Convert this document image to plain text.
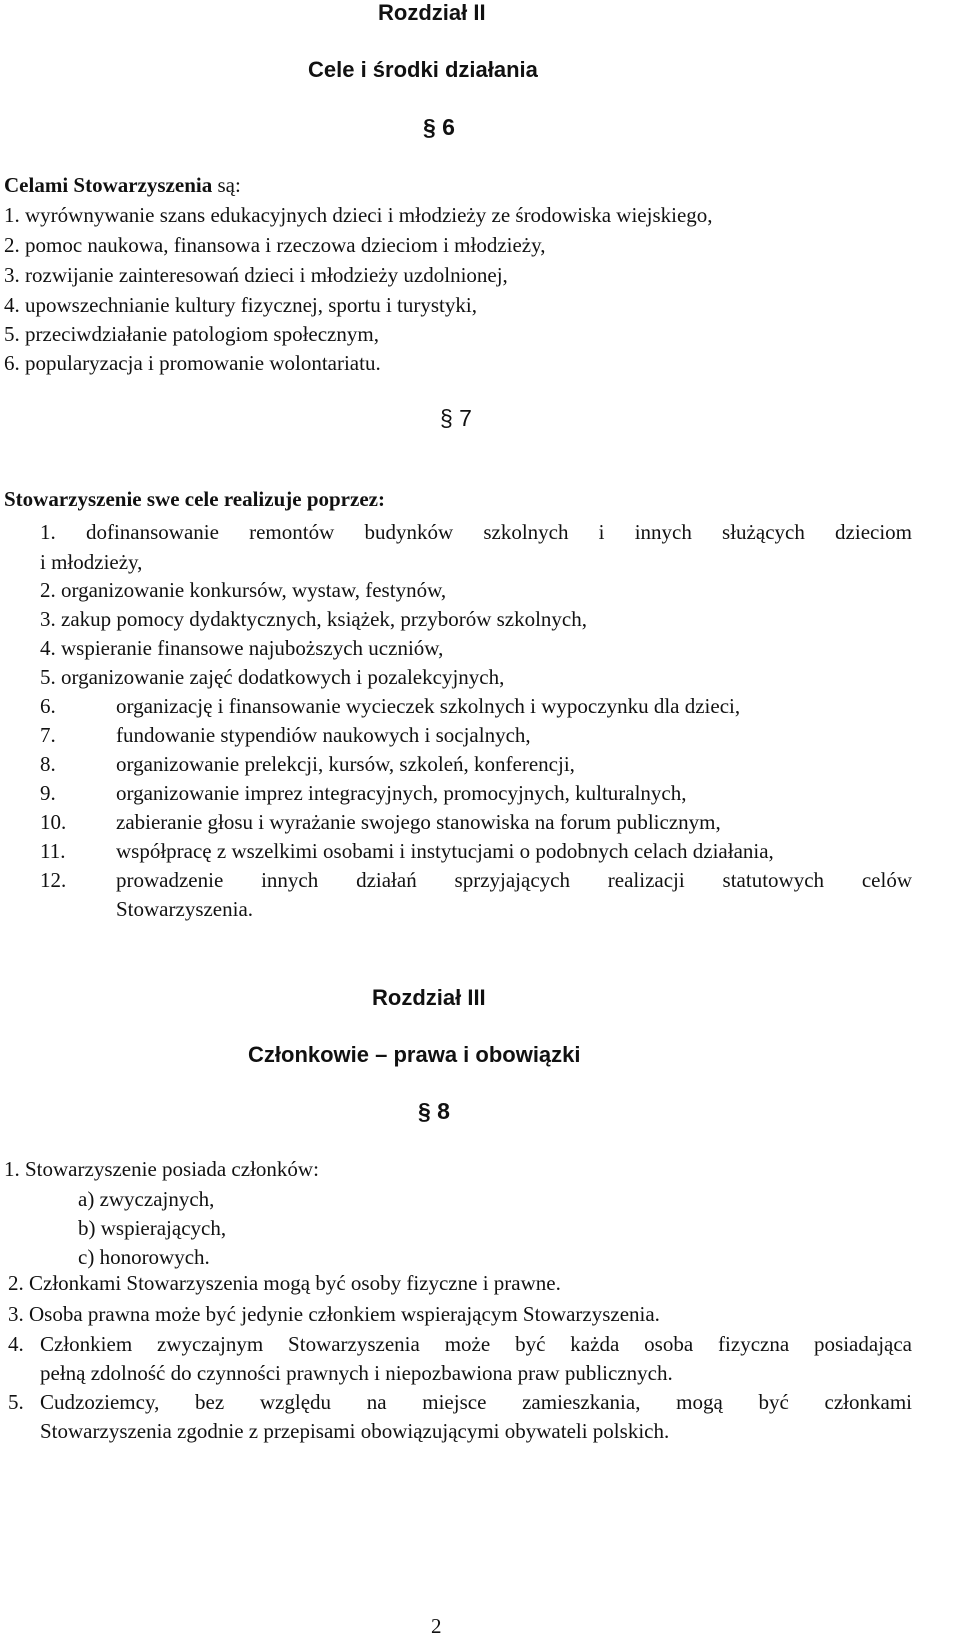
Rozdział II
Cele i środki działania
§ 6
Celami Stowarzyszenia są:
1. wyrównywanie szans edukacyjnych dzieci i młodzieży ze środowiska wiejskiego,
2. pomoc naukowa, finansowa i rzeczowa dzieciom i młodzieży,
3. rozwijanie zainteresowań dzieci i młodzieży uzdolnionej,
4. upowszechnianie kultury fizycznej, sportu i turystyki,
5. przeciwdziałanie patologiom społecznym,
6. popularyzacja i promowanie wolontariatu.
§ 7
Stowarzyszenie swe cele realizuje poprzez:
1. dofinansowanie remontów budynków szkolnych i innych służących dzieciom
i młodzieży,
2. organizowanie konkursów, wystaw, festynów,
3. zakup pomocy dydaktycznych, książek, przyborów szkolnych,
4. wspieranie finansowe najuboższych uczniów,
5. organizowanie zajęć dodatkowych i pozalekcyjnych,
6.	organizację i finansowanie wycieczek szkolnych i wypoczynku dla dzieci,
7.	fundowanie stypendiów naukowych i socjalnych,
8.	organizowanie prelekcji, kursów, szkoleń, konferencji,
9.	organizowanie imprez integracyjnych, promocyjnych, kulturalnych,
10. zabieranie głosu i wyrażanie swojego stanowiska na forum publicznym,
11. współpracę z wszelkimi osobami i instytucjami o podobnych celach działania,
12. prowadzenie innych działań sprzyjających realizacji statutowych celów
Stowarzyszenia.
Rozdział III
Członkowie – prawa i obowiązki
§ 8
1. Stowarzyszenie posiada członków:
a) zwyczajnych,
b) wspierających,
c) honorowych.
2. Członkami Stowarzyszenia mogą być osoby fizyczne i prawne.
3. Osoba prawna może być jedynie członkiem wspierającym Stowarzyszenia.
4. Członkiem zwyczajnym Stowarzyszenia może być każda osoba fizyczna posiadająca
pełną zdolność do czynności prawnych i niepozbawiona praw publicznych.
5. Cudzoziemcy, bez względu na miejsce zamieszkania, mogą być członkami
Stowarzyszenia zgodnie z przepisami obowiązującymi obywateli polskich.
2
